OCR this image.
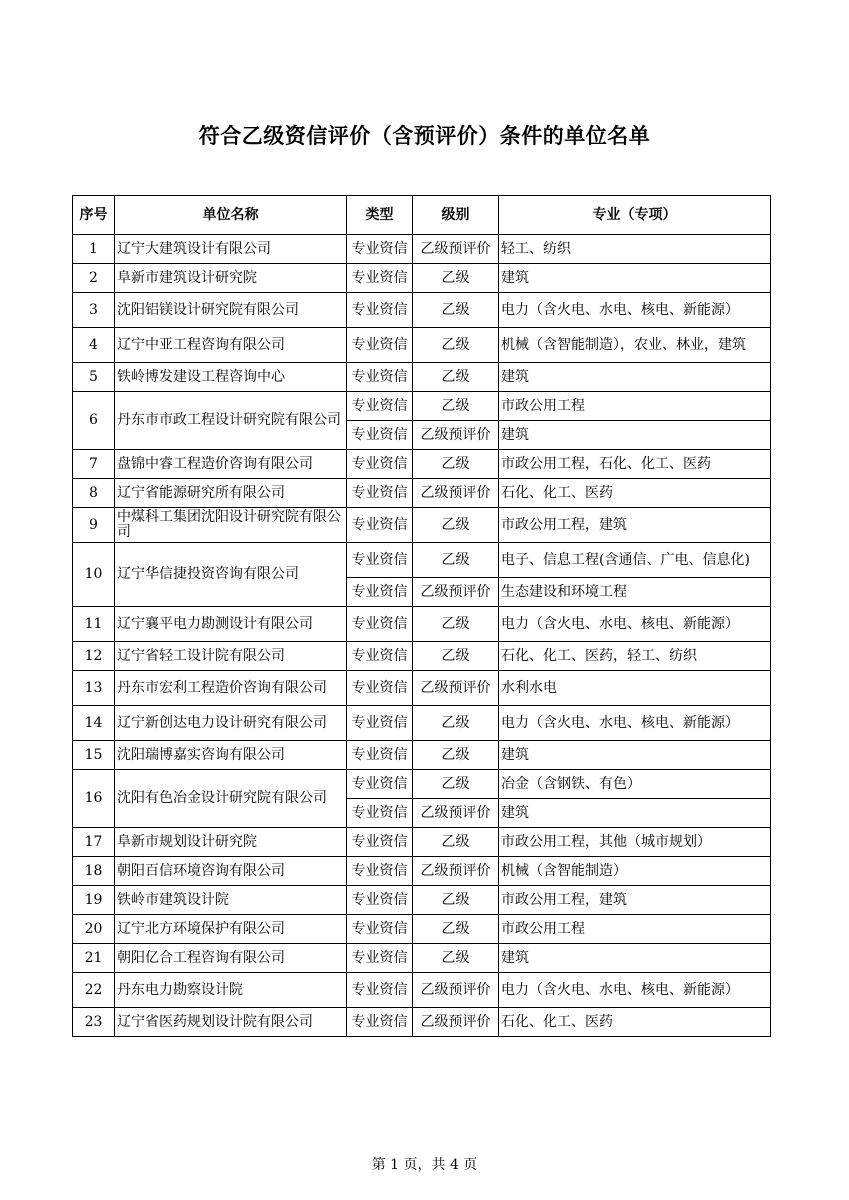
符合乙级资信评价（含预评价）条件的单位名单
序号	单位名称	类型	级别	专业（专项）
1	辽宁大建筑设计有限公司	专业资信	乙级预评价	轻工、纺织
2	阜新市建筑设计研究院	专业资信	乙级	建筑
3	沈阳铝镁设计研究院有限公司	专业资信	乙级	电力（含火电、水电、核电、新能源）
4	辽宁中亚工程咨询有限公司	专业资信	乙级	机械（含智能制造），农业、林业，建筑
5	铁岭博发建设工程咨询中心	专业资信	乙级	建筑
6	丹东市市政工程设计研究院有限公司	专业资信	乙级	市政公用工程
		专业资信	乙级预评价	建筑
7	盘锦中睿工程造价咨询有限公司	专业资信	乙级	市政公用工程，石化、化工、医药
8	辽宁省能源研究所有限公司	专业资信	乙级预评价	石化、化工、医药
9	中煤科工集团沈阳设计研究院有限公司	专业资信	乙级	市政公用工程，建筑
10	辽宁华信捷投资咨询有限公司	专业资信	乙级	电子、信息工程(含通信、广电、信息化)
		专业资信	乙级预评价	生态建设和环境工程
11	辽宁襄平电力勘测设计有限公司	专业资信	乙级	电力（含火电、水电、核电、新能源）
12	辽宁省轻工设计院有限公司	专业资信	乙级	石化、化工、医药，轻工、纺织
13	丹东市宏利工程造价咨询有限公司	专业资信	乙级预评价	水利水电
14	辽宁新创达电力设计研究有限公司	专业资信	乙级	电力（含火电、水电、核电、新能源）
15	沈阳瑞博嘉实咨询有限公司	专业资信	乙级	建筑
16	沈阳有色冶金设计研究院有限公司	专业资信	乙级	冶金（含钢铁、有色）
		专业资信	乙级预评价	建筑
17	阜新市规划设计研究院	专业资信	乙级	市政公用工程，其他（城市规划）
18	朝阳百信环境咨询有限公司	专业资信	乙级预评价	机械（含智能制造）
19	铁岭市建筑设计院	专业资信	乙级	市政公用工程，建筑
20	辽宁北方环境保护有限公司	专业资信	乙级	市政公用工程
21	朝阳亿合工程咨询有限公司	专业资信	乙级	建筑
22	丹东电力勘察设计院	专业资信	乙级预评价	电力（含火电、水电、核电、新能源）
23	辽宁省医药规划设计院有限公司	专业资信	乙级预评价	石化、化工、医药
第 1 页，共 4 页
